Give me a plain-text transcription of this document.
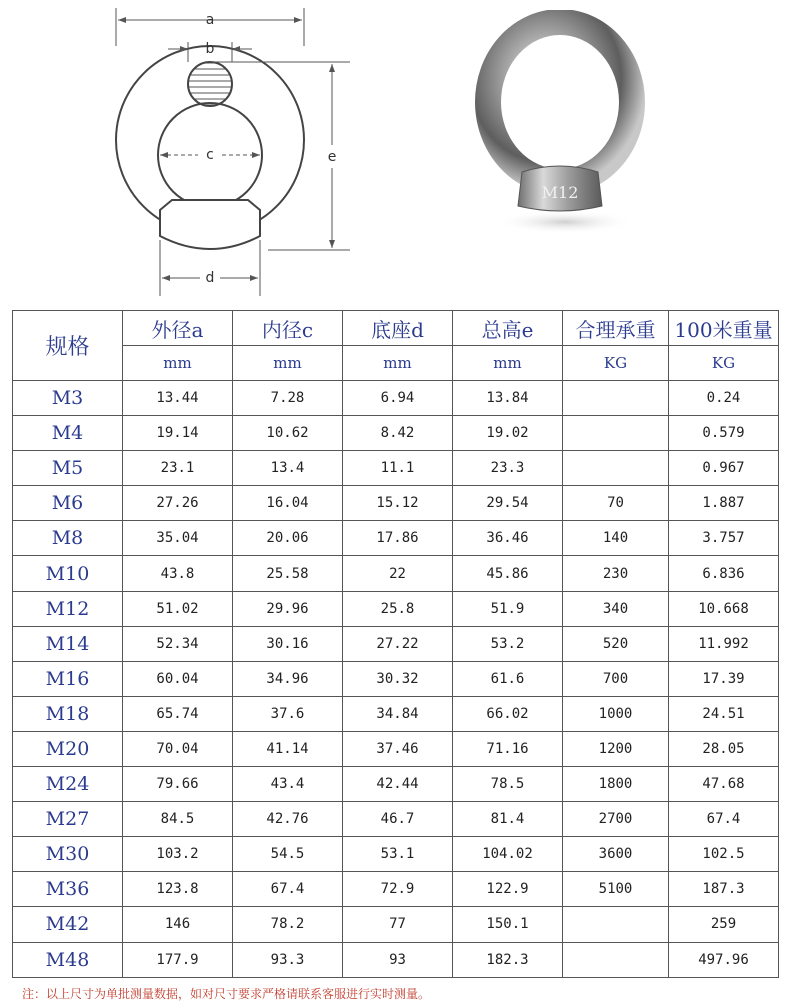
a
b
c	e
d
M12
规格	外径a	内径c	底座d	总高e	合理承重	100米重量
	mm	mm	mm	mm	KG	KG
M3	13.44	7.28	6.94	13.84		0.24
M4	19.14	10.62	8.42	19.02		0.579
M5	23.1	13.4	11.1	23.3		0.967
M6	27.26	16.04	15.12	29.54	70	1.887
M8	35.04	20.06	17.86	36.46	140	3.757
M10	43.8	25.58	22	45.86	230	6.836
M12	51.02	29.96	25.8	51.9	340	10.668
M14	52.34	30.16	27.22	53.2	520	11.992
M16	60.04	34.96	30.32	61.6	700	17.39
M18	65.74	37.6	34.84	66.02	1000	24.51
M20	70.04	41.14	37.46	71.16	1200	28.05
M24	79.66	43.4	42.44	78.5	1800	47.68
M27	84.5	42.76	46.7	81.4	2700	67.4
M30	103.2	54.5	53.1	104.02	3600	102.5
M36	123.8	67.4	72.9	122.9	5100	187.3
M42	146	78.2	77	150.1		259
M48	177.9	93.3	93	182.3		497.96
注：以上尺寸为单批测量数据，如对尺寸要求严格请联系客服进行实时测量。
